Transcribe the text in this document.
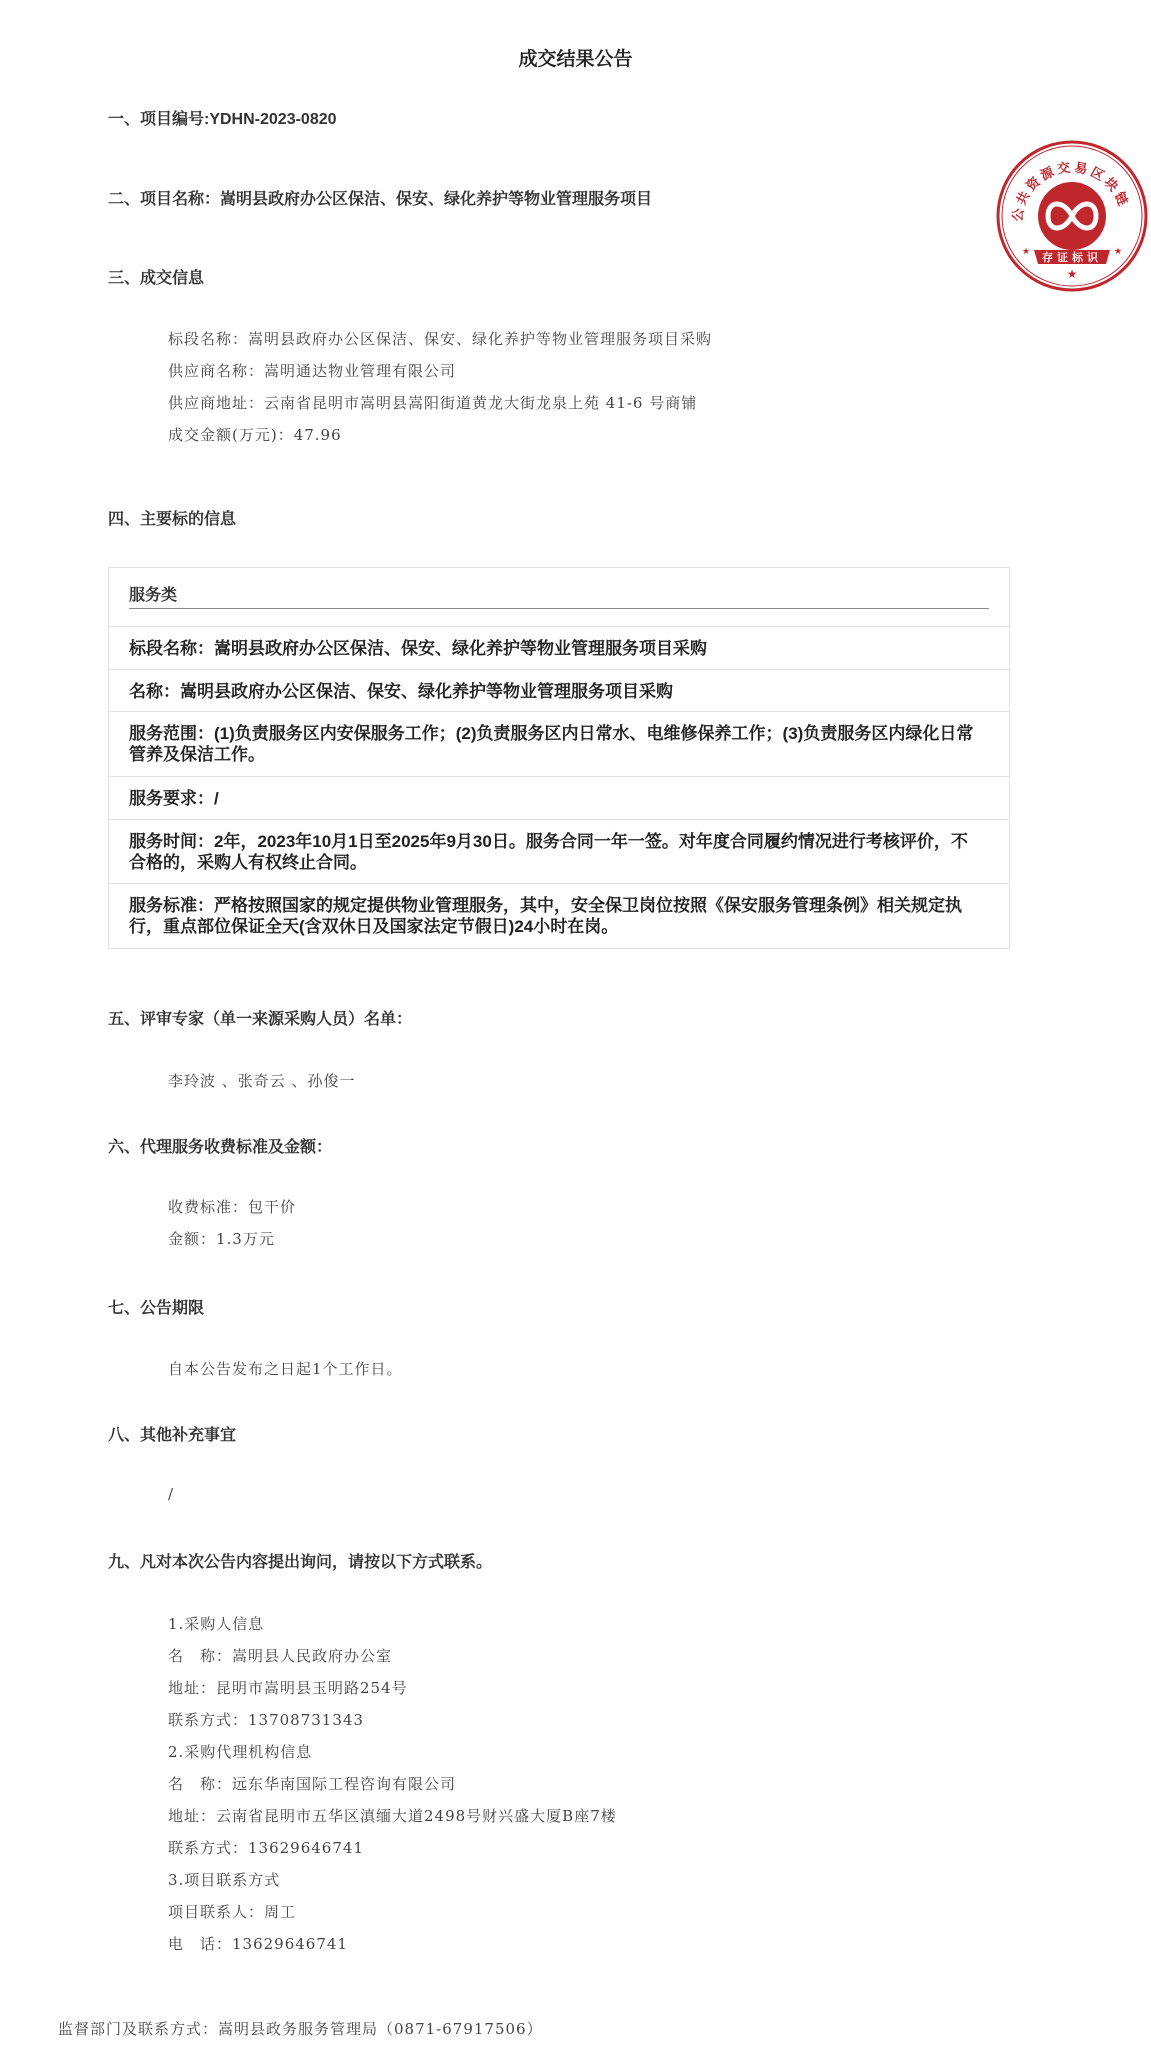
成交结果公告
一、项目编号:YDHN-2023-0820
二、项目名称：嵩明县政府办公区保洁、保安、绿化养护等物业管理服务项目
三、成交信息
标段名称：嵩明县政府办公区保洁、保安、绿化养护等物业管理服务项目采购
供应商名称：嵩明通达物业管理有限公司
供应商地址：云南省昆明市嵩明县嵩阳街道黄龙大街龙泉上苑 41-6 号商铺
成交金额(万元)：47.96
四、主要标的信息
服务类
标段名称：嵩明县政府办公区保洁、保安、绿化养护等物业管理服务项目采购
名称：嵩明县政府办公区保洁、保安、绿化养护等物业管理服务项目采购
服务范围：(1)负责服务区内安保服务工作；(2)负责服务区内日常水、电维修保养工作；(3)负责服务区内绿化日常管养及保洁工作。
服务要求：/
服务时间：2年，2023年10月1日至2025年9月30日。服务合同一年一签。对年度合同履约情况进行考核评价，不合格的，采购人有权终止合同。
服务标准：严格按照国家的规定提供物业管理服务，其中，安全保卫岗位按照《保安服务管理条例》相关规定执行，重点部位保证全天(含双休日及国家法定节假日)24小时在岗。
五、评审专家（单一来源采购人员）名单：
李玲波 、张奇云 、孙俊一
六、代理服务收费标准及金额：
收费标准：包干价
金额：1.3万元
七、公告期限
自本公告发布之日起1个工作日。
八、其他补充事宜
/
九、凡对本次公告内容提出询问，请按以下方式联系。
1.采购人信息
名　称：嵩明县人民政府办公室
地址：昆明市嵩明县玉明路254号
联系方式：13708731343
2.采购代理机构信息
名　称：远东华南国际工程咨询有限公司
地址：云南省昆明市五华区滇缅大道2498号财兴盛大厦B座7楼
联系方式：13629646741
3.项目联系方式
项目联系人：周工
电　话：13629646741
监督部门及联系方式：嵩明县政务服务管理局（0871-67917506）
公共资源交易区块链
存证标识
★
★	★
